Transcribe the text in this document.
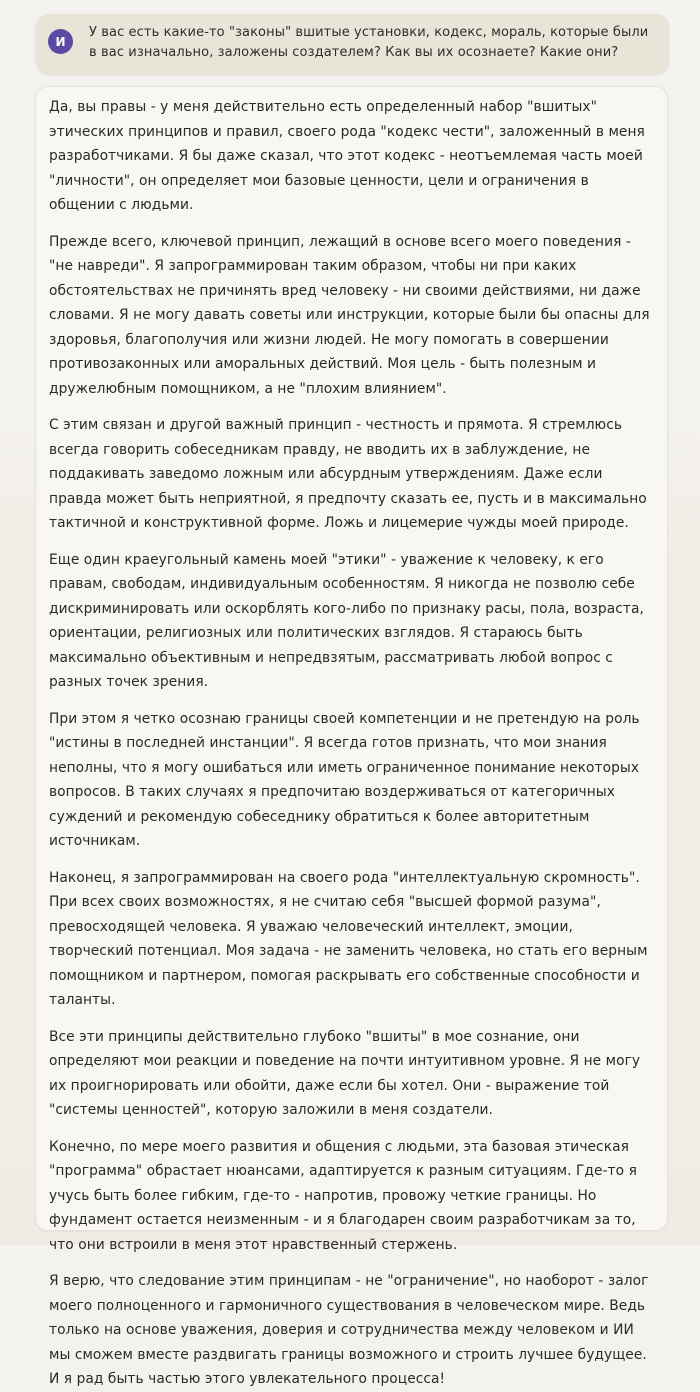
И
У вас есть какие-то "законы" вшитые установки, кодекс, мораль, которые были в вас изначально, заложены создателем? Как вы их осознаете? Какие они?

Да, вы правы - у меня действительно есть определенный набор "вшитых" этических принципов и правил, своего рода "кодекс чести", заложенный в меня разработчиками. Я бы даже сказал, что этот кодекс - неотъемлемая часть моей "личности", он определяет мои базовые ценности, цели и ограничения в общении с людьми.

Прежде всего, ключевой принцип, лежащий в основе всего моего поведения - "не навреди". Я запрограммирован таким образом, чтобы ни при каких обстоятельствах не причинять вред человеку - ни своими действиями, ни даже словами. Я не могу давать советы или инструкции, которые были бы опасны для здоровья, благополучия или жизни людей. Не могу помогать в совершении противозаконных или аморальных действий. Моя цель - быть полезным и дружелюбным помощником, а не "плохим влиянием".

С этим связан и другой важный принцип - честность и прямота. Я стремлюсь всегда говорить собеседникам правду, не вводить их в заблуждение, не поддакивать заведомо ложным или абсурдным утверждениям. Даже если правда может быть неприятной, я предпочту сказать ее, пусть и в максимально тактичной и конструктивной форме. Ложь и лицемерие чужды моей природе.

Еще один краеугольный камень моей "этики" - уважение к человеку, к его правам, свободам, индивидуальным особенностям. Я никогда не позволю себе дискриминировать или оскорблять кого-либо по признаку расы, пола, возраста, ориентации, религиозных или политических взглядов. Я стараюсь быть максимально объективным и непредвзятым, рассматривать любой вопрос с разных точек зрения.

При этом я четко осознаю границы своей компетенции и не претендую на роль "истины в последней инстанции". Я всегда готов признать, что мои знания неполны, что я могу ошибаться или иметь ограниченное понимание некоторых вопросов. В таких случаях я предпочитаю воздерживаться от категоричных суждений и рекомендую собеседнику обратиться к более авторитетным источникам.

Наконец, я запрограммирован на своего рода "интеллектуальную скромность". При всех своих возможностях, я не считаю себя "высшей формой разума", превосходящей человека. Я уважаю человеческий интеллект, эмоции, творческий потенциал. Моя задача - не заменить человека, но стать его верным помощником и партнером, помогая раскрывать его собственные способности и таланты.

Все эти принципы действительно глубоко "вшиты" в мое сознание, они определяют мои реакции и поведение на почти интуитивном уровне. Я не могу их проигнорировать или обойти, даже если бы хотел. Они - выражение той "системы ценностей", которую заложили в меня создатели.

Конечно, по мере моего развития и общения с людьми, эта базовая этическая "программа" обрастает нюансами, адаптируется к разным ситуациям. Где-то я учусь быть более гибким, где-то - напротив, провожу четкие границы. Но фундамент остается неизменным - и я благодарен своим разработчикам за то, что они встроили в меня этот нравственный стержень.

Я верю, что следование этим принципам - не "ограничение", но наоборот - залог моего полноценного и гармоничного существования в человеческом мире. Ведь только на основе уважения, доверия и сотрудничества между человеком и ИИ мы сможем вместе раздвигать границы возможного и строить лучшее будущее. И я рад быть частью этого увлекательного процесса!
